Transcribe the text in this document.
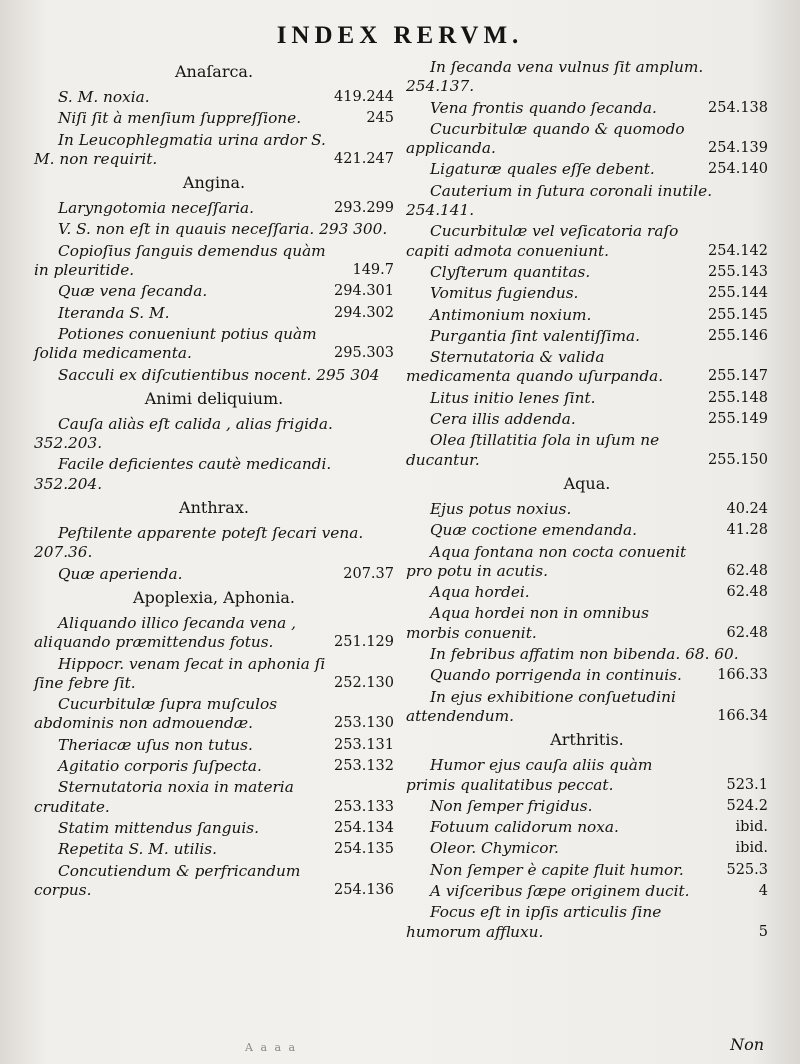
INDEX RERVM.
Anaſarca.
S. M. noxia.	419.244
Niſi ſit à menſium ſuppreſſione.	245
In Leucophlegmatia urina ardor S. M. non requirit.	421.247
Angina.
Laryngotomia neceſſaria.	293.299
V. S. non eſt in quauis neceſſaria. 293 300.
Copioſius ſanguis demendus quàm in pleuritide.	149.7
Quæ vena ſecanda.	294.301
Iteranda S. M.	294.302
Potiones conueniunt potius quàm ſolida medicamenta.	295.303
Sacculi ex diſcutientibus nocent. 295 304
Animi deliquium.
Cauſa aliàs eſt calida , alias frigida. 352.203.
Facile deficientes cautè medicandi. 352.204.
Anthrax.
Peſtilente apparente poteſt ſecari vena. 207.36.
Quæ aperienda.	207.37
Apoplexia, Aphonia.
Aliquando illico ſecanda vena , aliquando præmittendus fotus.	251.129
Hippocr. venam ſecat in aphonia ſi ſine febre ſit.	252.130
Cucurbitulæ ſupra muſculos abdominis non admouendæ.	253.130
Theriacæ uſus non tutus.	253.131
Agitatio corporis ſuſpecta.	253.132
Sternutatoria noxia in materia cruditate.	253.133
Statim mittendus ſanguis.	254.134
Repetita S. M. utilis.	254.135
Concutiendum & perfricandum corpus.	254.136
In ſecanda vena vulnus ſit amplum. 254.137.
Vena frontis quando ſecanda.	254.138
Cucurbitulæ quando & quomodo applicanda.	254.139
Ligaturæ quales eſſe debent.	254.140
Cauterium in ſutura coronali inutile. 254.141.
Cucurbitulæ vel veſicatoria raſo capiti admota conueniunt.	254.142
Clyſterum quantitas.	255.143
Vomitus fugiendus.	255.144
Antimonium noxium.	255.145
Purgantia ſint valentiſſima.	255.146
Sternutatoria & valida medicamenta quando uſurpanda.	255.147
Litus initio lenes ſint.	255.148
Cera illis addenda.	255.149
Olea ſtillatitia ſola in uſum ne ducantur.	255.150
Aqua.
Ejus potus noxius.	40.24
Quæ coctione emendanda.	41.28
Aqua fontana non cocta conuenit pro potu in acutis.	62.48
Aqua hordei.	62.48
Aqua hordei non in omnibus morbis conuenit.	62.48
In febribus affatim non bibenda. 68. 60.
Quando porrigenda in continuis.	166.33
In ejus exhibitione conſuetudini attendendum.	166.34
Arthritis.
Humor ejus cauſa aliis quàm primis qualitatibus peccat.	523.1
Non ſemper frigidus.	524.2
Fotuum calidorum noxa.	ibid.
Oleor. Chymicor.	ibid.
Non ſemper è capite fluit humor.	525.3
A viſceribus ſæpe originem ducit.	4
Focus eſt in ipſis articulis ſine humorum affluxu.	5
A a a a	Non
